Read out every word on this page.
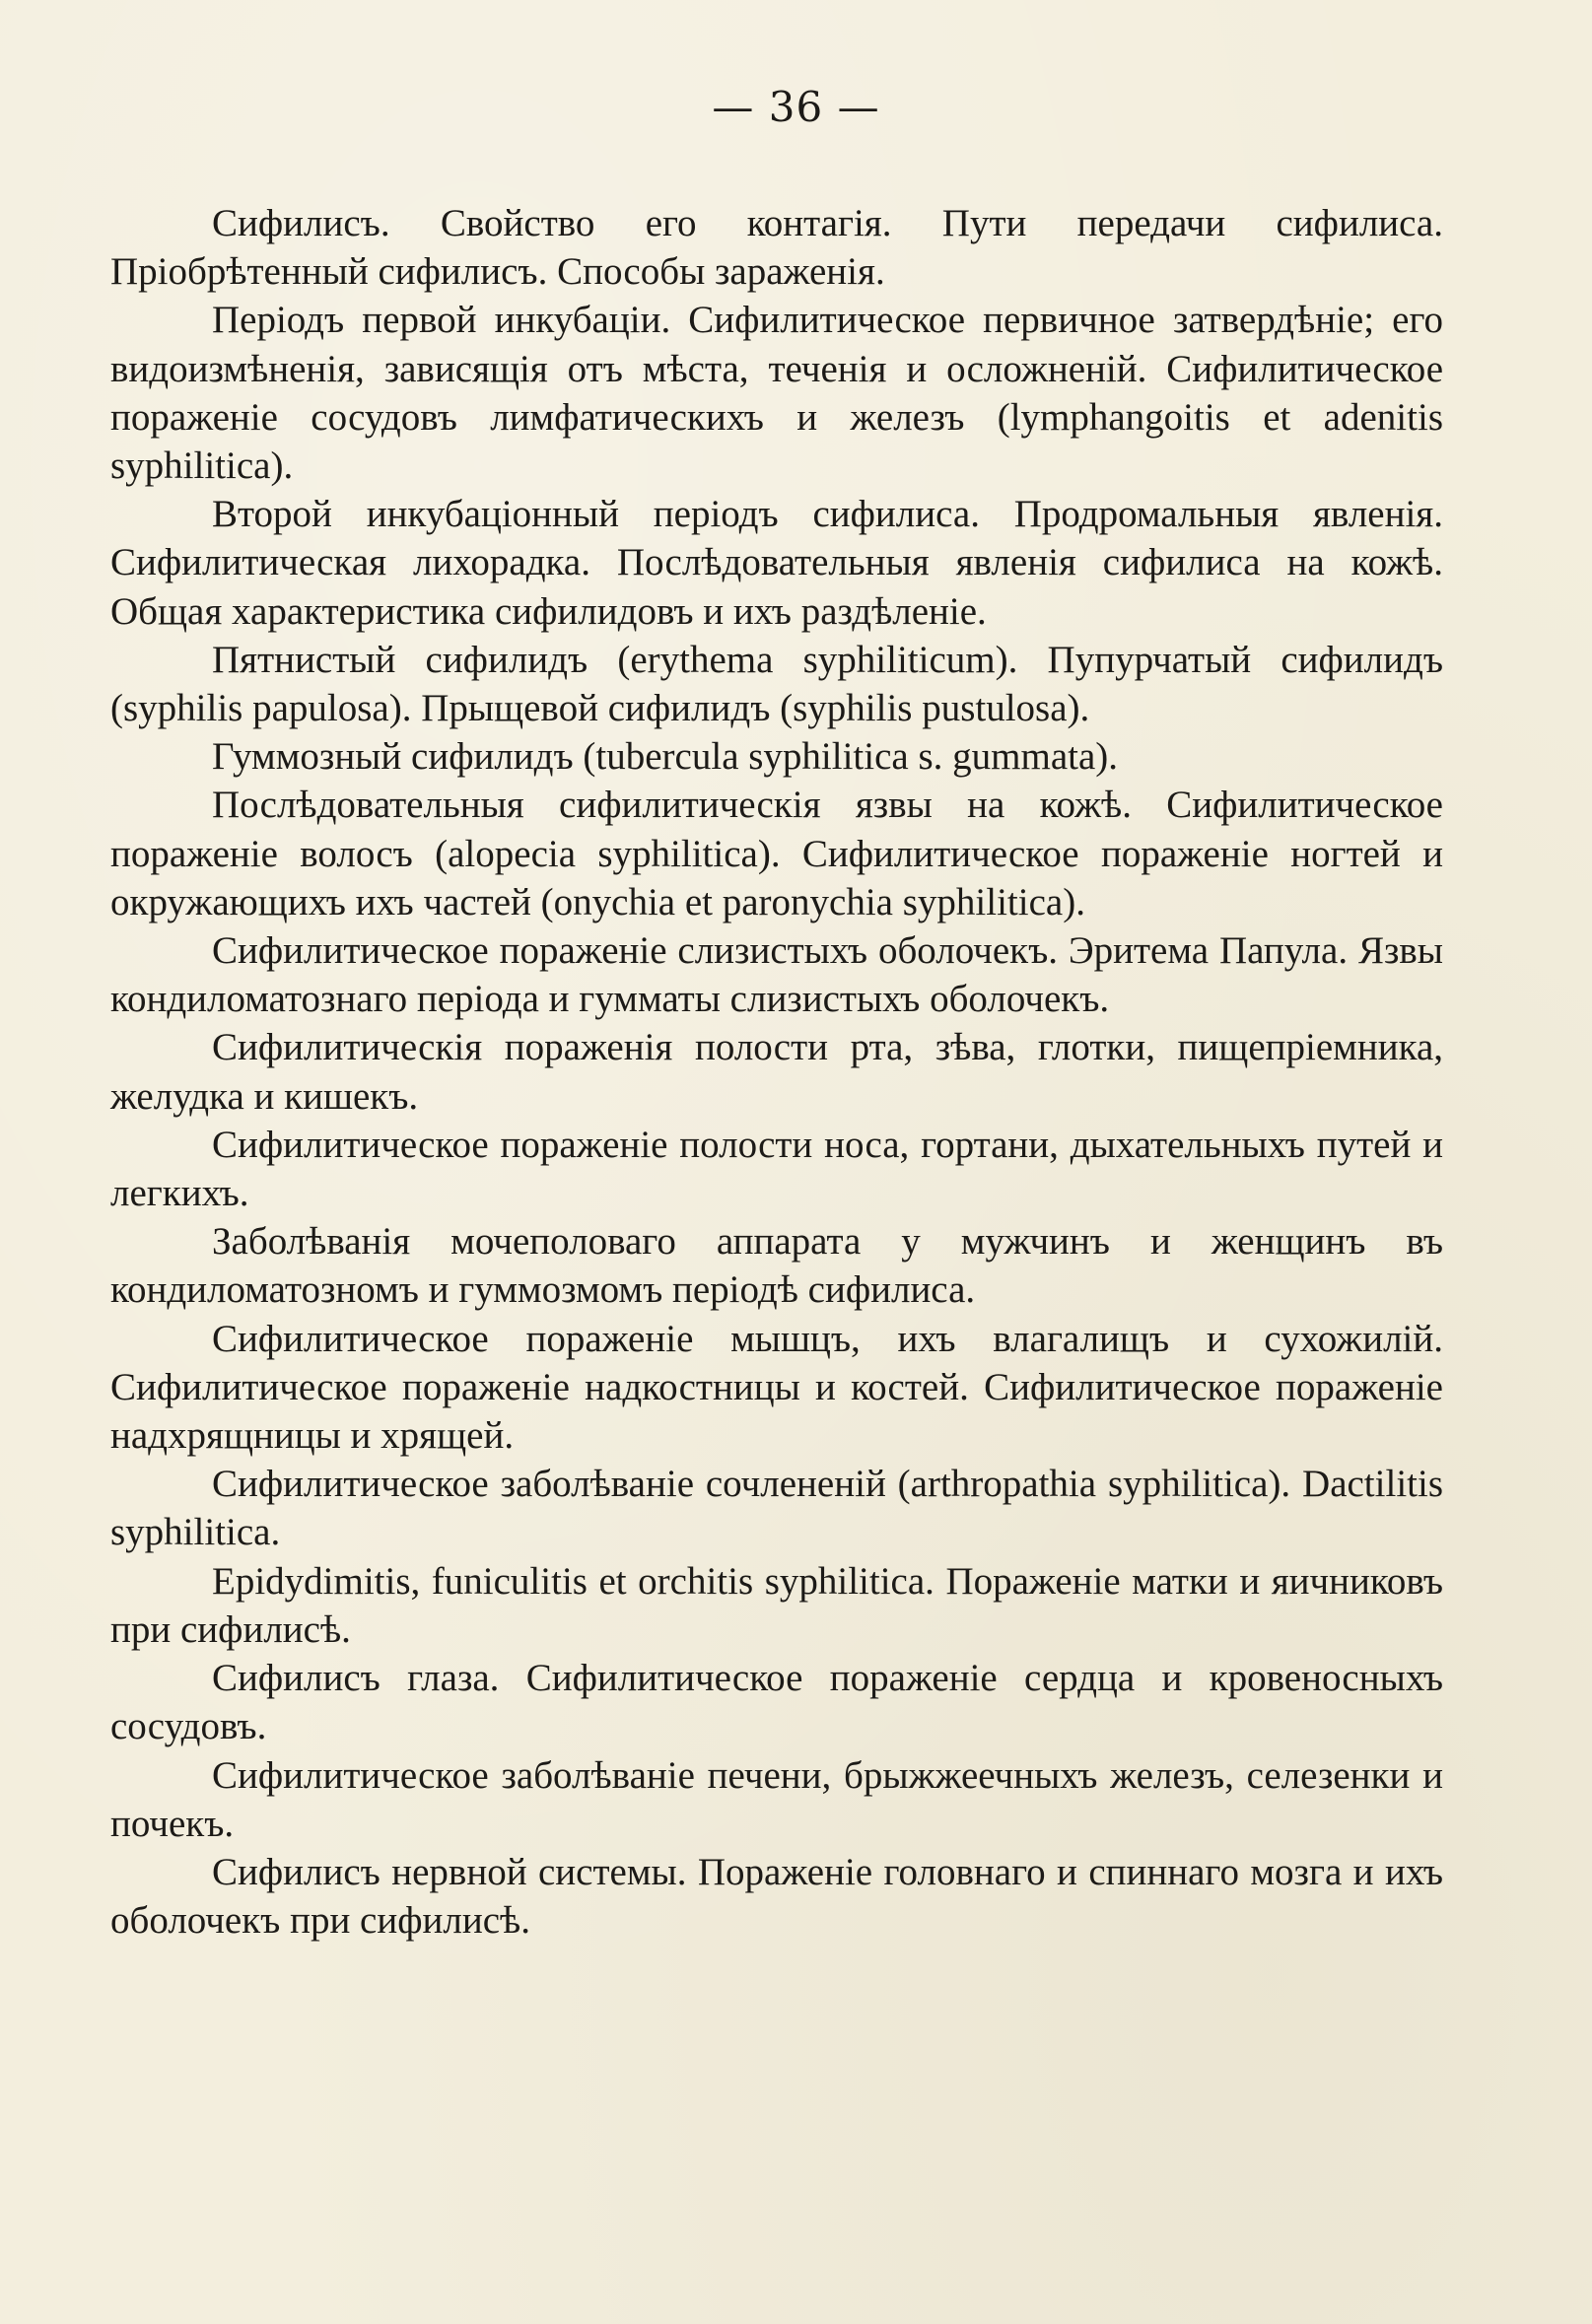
— 36 —

Сифилисъ. Свойство его контагія. Пути передачи сифилиса. Пріобрѣтенный сифилисъ. Способы зараженія.

Періодъ первой инкубаціи. Сифилитическое первичное затвердѣніе; его видоизмѣненія, зависящія отъ мѣста, теченія и осложненій. Сифилитическое пораженіе сосудовъ лимфатическихъ и железъ (lymphangoitis et adenitis syphilitica).

Второй инкубаціонный періодъ сифилиса. Продромальныя явленія. Сифилитическая лихорадка. Послѣдовательныя явленія сифилиса на кожѣ. Общая характеристика сифилидовъ и ихъ раздѣленіе.

Пятнистый сифилидъ (erythema syphiliticum). Пупурчатый сифилидъ (syphilis papulosa). Прыщевой сифилидъ (syphilis pustulosa).

Гуммозный сифилидъ (tubercula syphilitica s. gummata).

Послѣдовательныя сифилитическія язвы на кожѣ. Сифилитическое пораженіе волосъ (alopecia syphilitica). Сифилитическое пораженіе ногтей и окружающихъ ихъ частей (onychia et paronychia syphilitica).

Сифилитическое пораженіе слизистыхъ оболочекъ. Эритема Папула. Язвы кондиломатознаго періода и гумматы слизистыхъ оболочекъ.

Сифилитическія пораженія полости рта, зѣва, глотки, пищепріемника, желудка и кишекъ.

Сифилитическое пораженіе полости носа, гортани, дыхательныхъ путей и легкихъ.

Заболѣванія мочеполоваго аппарата у мужчинъ и женщинъ въ кондиломатозномъ и гуммозмомъ періодѣ сифилиса.

Сифилитическое пораженіе мышцъ, ихъ влагалищъ и сухожилій. Сифилитическое пораженіе надкостницы и костей. Сифилитическое пораженіе надхрящницы и хрящей.

Сифилитическое заболѣваніе сочлененій (arthropathia syphilitica). Dactilitis syphilitica.

Epidydimitis, funiculitis et orchitis syphilitica. Пораженіе матки и яичниковъ при сифилисѣ.

Сифилисъ глаза. Сифилитическое пораженіе сердца и кровеносныхъ сосудовъ.

Сифилитическое заболѣваніе печени, брыжжеечныхъ железъ, селезенки и почекъ.

Сифилисъ нервной системы. Пораженіе головнаго и спиннаго мозга и ихъ оболочекъ при сифилисѣ.
